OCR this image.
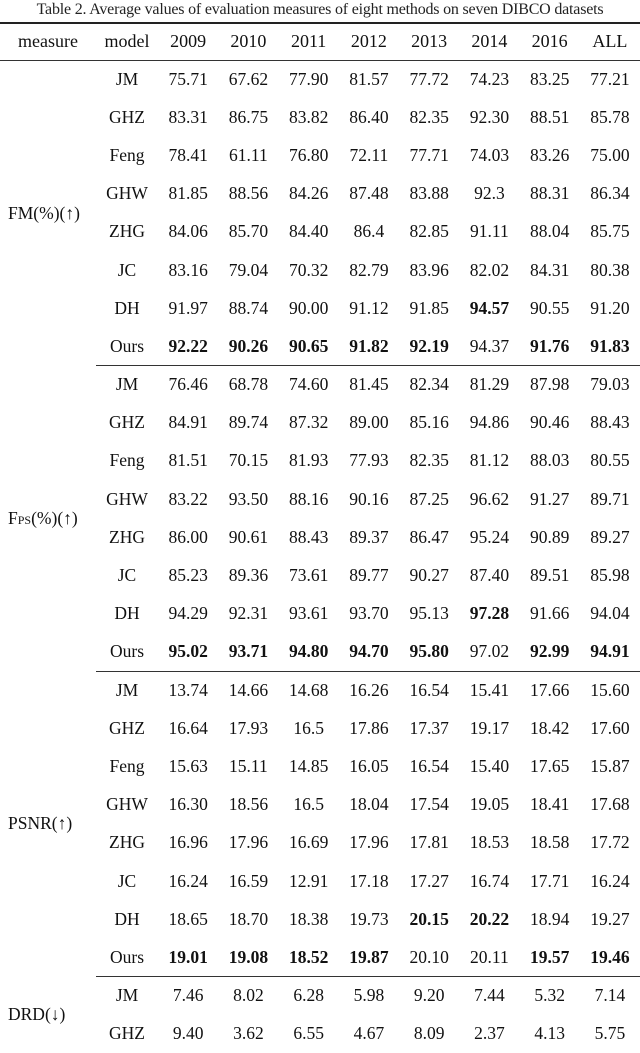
Table 2. Average values of evaluation measures of eight methods on seven DIBCO datasets
measure	model	2009	2010	2011	2012	2013	2014	2016	ALL
FM(%)(↑)	JM	75.71	67.62	77.90	81.57	77.72	74.23	83.25	77.21
	GHZ	83.31	86.75	83.82	86.40	82.35	92.30	88.51	85.78
	Feng	78.41	61.11	76.80	72.11	77.71	74.03	83.26	75.00
	GHW	81.85	88.56	84.26	87.48	83.88	92.3	88.31	86.34
	ZHG	84.06	85.70	84.40	86.4	82.85	91.11	88.04	85.75
	JC	83.16	79.04	70.32	82.79	83.96	82.02	84.31	80.38
	DH	91.97	88.74	90.00	91.12	91.85	94.57	90.55	91.20
	Ours	92.22	90.26	90.65	91.82	92.19	94.37	91.76	91.83
FPS(%)(↑)	JM	76.46	68.78	74.60	81.45	82.34	81.29	87.98	79.03
	GHZ	84.91	89.74	87.32	89.00	85.16	94.86	90.46	88.43
	Feng	81.51	70.15	81.93	77.93	82.35	81.12	88.03	80.55
	GHW	83.22	93.50	88.16	90.16	87.25	96.62	91.27	89.71
	ZHG	86.00	90.61	88.43	89.37	86.47	95.24	90.89	89.27
	JC	85.23	89.36	73.61	89.77	90.27	87.40	89.51	85.98
	DH	94.29	92.31	93.61	93.70	95.13	97.28	91.66	94.04
	Ours	95.02	93.71	94.80	94.70	95.80	97.02	92.99	94.91
PSNR(↑)	JM	13.74	14.66	14.68	16.26	16.54	15.41	17.66	15.60
	GHZ	16.64	17.93	16.5	17.86	17.37	19.17	18.42	17.60
	Feng	15.63	15.11	14.85	16.05	16.54	15.40	17.65	15.87
	GHW	16.30	18.56	16.5	18.04	17.54	19.05	18.41	17.68
	ZHG	16.96	17.96	16.69	17.96	17.81	18.53	18.58	17.72
	JC	16.24	16.59	12.91	17.18	17.27	16.74	17.71	16.24
	DH	18.65	18.70	18.38	19.73	20.15	20.22	18.94	19.27
	Ours	19.01	19.08	18.52	19.87	20.10	20.11	19.57	19.46
DRD(↓)	JM	7.46	8.02	6.28	5.98	9.20	7.44	5.32	7.14
	GHZ	9.40	3.62	6.55	4.67	8.09	2.37	4.13	5.75
